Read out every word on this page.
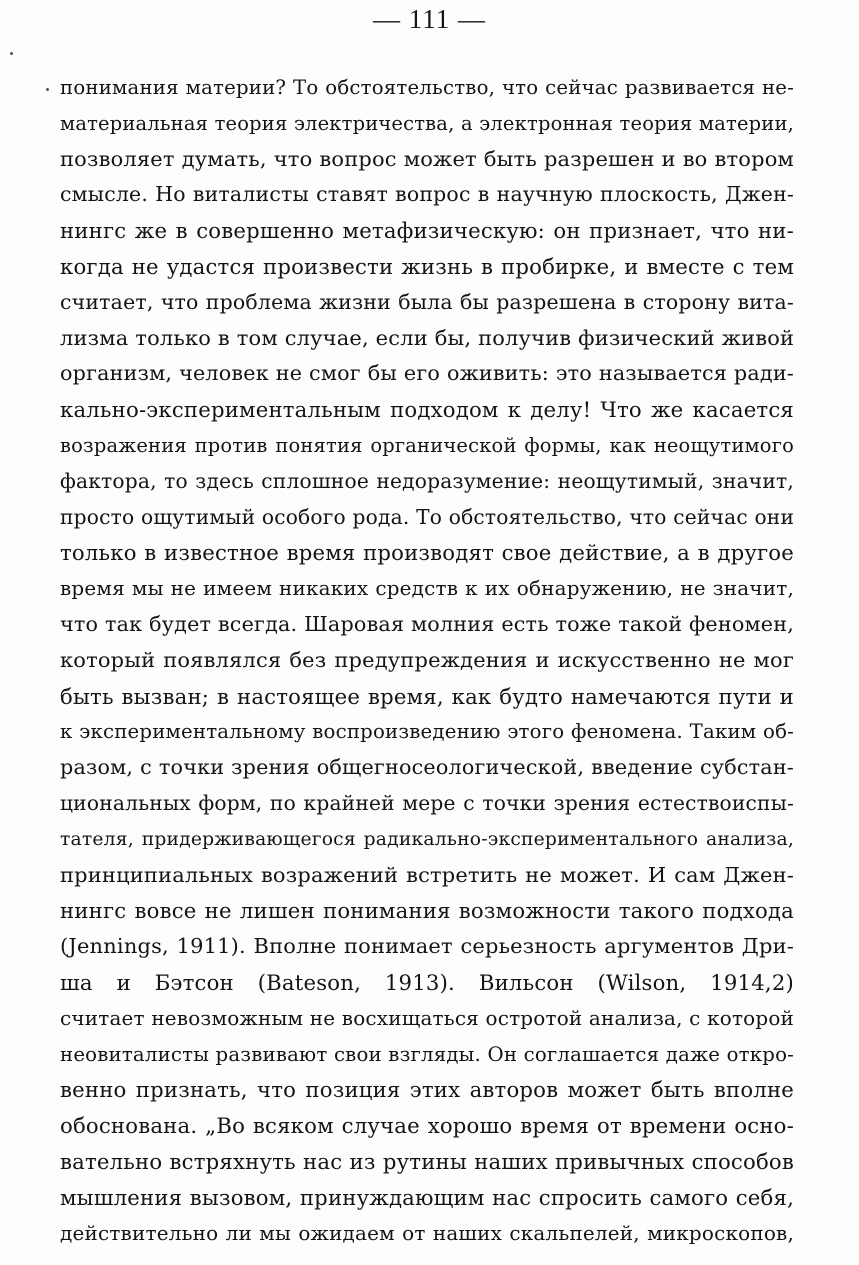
— 111 —
понимания материи? То обстоятельство, что сейчас развивается не-
материальная теория электричества, а электронная теория материи,
позволяет думать, что вопрос может быть разрешен и во втором
смысле. Но виталисты ставят вопрос в научную плоскость, Джен-
нингс же в совершенно метафизическую: он признает, что ни-
когда не удастся произвести жизнь в пробирке, и вместе с тем
считает, что проблема жизни была бы разрешена в сторону вита-
лизма только в том случае, если бы, получив физический живой
организм, человек не смог бы его оживить: это называется ради-
кально-экспериментальным подходом к делу! Что же касается
возражения против понятия органической формы, как неощутимого
фактора, то здесь сплошное недоразумение: неощутимый, значит,
просто ощутимый особого рода. То обстоятельство, что сейчас они
только в известное время производят свое действие, а в другое
время мы не имеем никаких средств к их обнаружению, не значит,
что так будет всегда. Шаровая молния есть тоже такой феномен,
который появлялся без предупреждения и искусственно не мог
быть вызван; в настоящее время, как будто намечаются пути и
к экспериментальному воспроизведению этого феномена. Таким об-
разом, с точки зрения общегносеологической, введение субстан-
циональных форм, по крайней мере с точки зрения естествоиспы-
тателя, придерживающегося радикально-экспериментального анализа,
принципиальных возражений встретить не может. И сам Джен-
нингс вовсе не лишен понимания возможности такого подхода
(Jennings, 1911). Вполне понимает серьезность аргументов Дри-
ша и Бэтсон (Bateson, 1913). Вильсон (Wilson, 1914,2)
считает невозможным не восхищаться остротой анализа, с которой
неовиталисты развивают свои взгляды. Он соглашается даже откро-
венно признать, что позиция этих авторов может быть вполне
обоснована. „Во всяком случае хорошо время от времени осно-
вательно встряхнуть нас из рутины наших привычных способов
мышления вызовом, принуждающим нас спросить самого себя,
действительно ли мы ожидаем от наших скальпелей, микроскопов,
